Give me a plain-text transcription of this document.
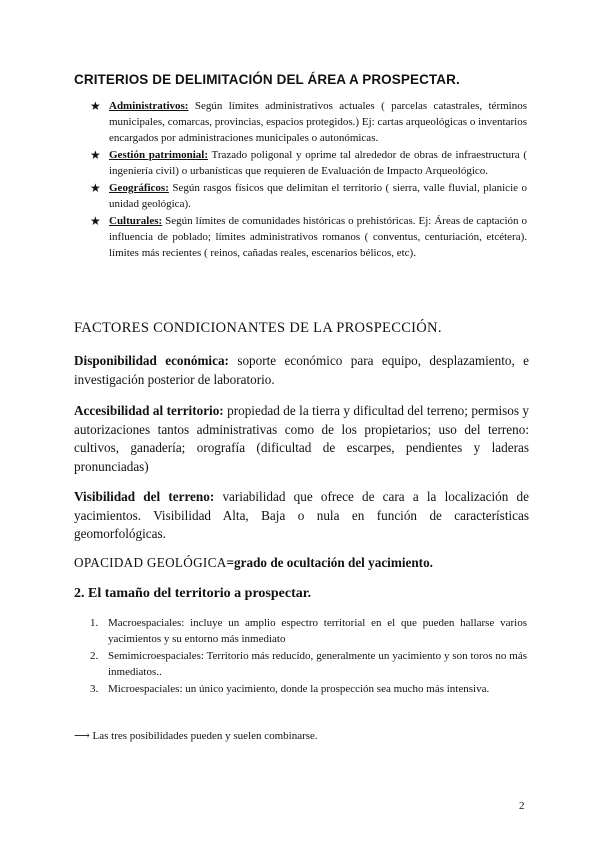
CRITERIOS DE DELIMITACIÓN DEL ÁREA A PROSPECTAR.
★ Administrativos: Según límites administrativos actuales ( parcelas catastrales, términos municipales, comarcas, provincias, espacios protegidos.) Ej: cartas arqueológicas o inventarios encargados por administraciones municipales o autonómicas.
★ Gestión patrimonial: Trazado poligonal y oprime tal alrededor de obras de infraestructura ( ingeniería civil) o urbanísticas que requieren de Evaluación de Impacto Arqueológico.
★ Geográficos: Según rasgos físicos que delimitan el territorio ( sierra, valle fluvial, planicie o unidad geológica).
★ Culturales: Según límites de comunidades históricas o prehistóricas. Ej: Áreas de captación o influencia de poblado; límites administrativos romanos ( conventus, centuriación, etcétera). límites más recientes ( reinos, cañadas reales, escenarios bélicos, etc).
FACTORES CONDICIONANTES DE LA PROSPECCIÓN.

Disponibilidad económica: soporte económico para equipo, desplazamiento, e investigación posterior de laboratorio.

Accesibilidad al territorio: propiedad de la tierra y dificultad del terreno; permisos y autorizaciones tantos administrativas como de los propietarios; uso del terreno: cultivos, ganadería; orografía (dificultad de escarpes, pendientes y laderas pronunciadas)

Visibilidad del terreno: variabilidad que ofrece de cara a la localización de yacimientos. Visibilidad Alta, Baja o nula en función de características geomorfológicas.

OPACIDAD GEOLÓGICA=grado de ocultación del yacimiento.
2. El tamaño del territorio a prospectar.
1. Macroespaciales: incluye un amplio espectro territorial en el que pueden hallarse varios yacimientos y su entorno más inmediato
2. Semimicroespaciales: Territorio más reducido, generalmente un yacimiento y son toros no más inmediatos..
3. Microespaciales: un único yacimiento, donde la prospección sea mucho más intensiva.
⟶ Las tres posibilidades pueden y suelen combinarse.
2
